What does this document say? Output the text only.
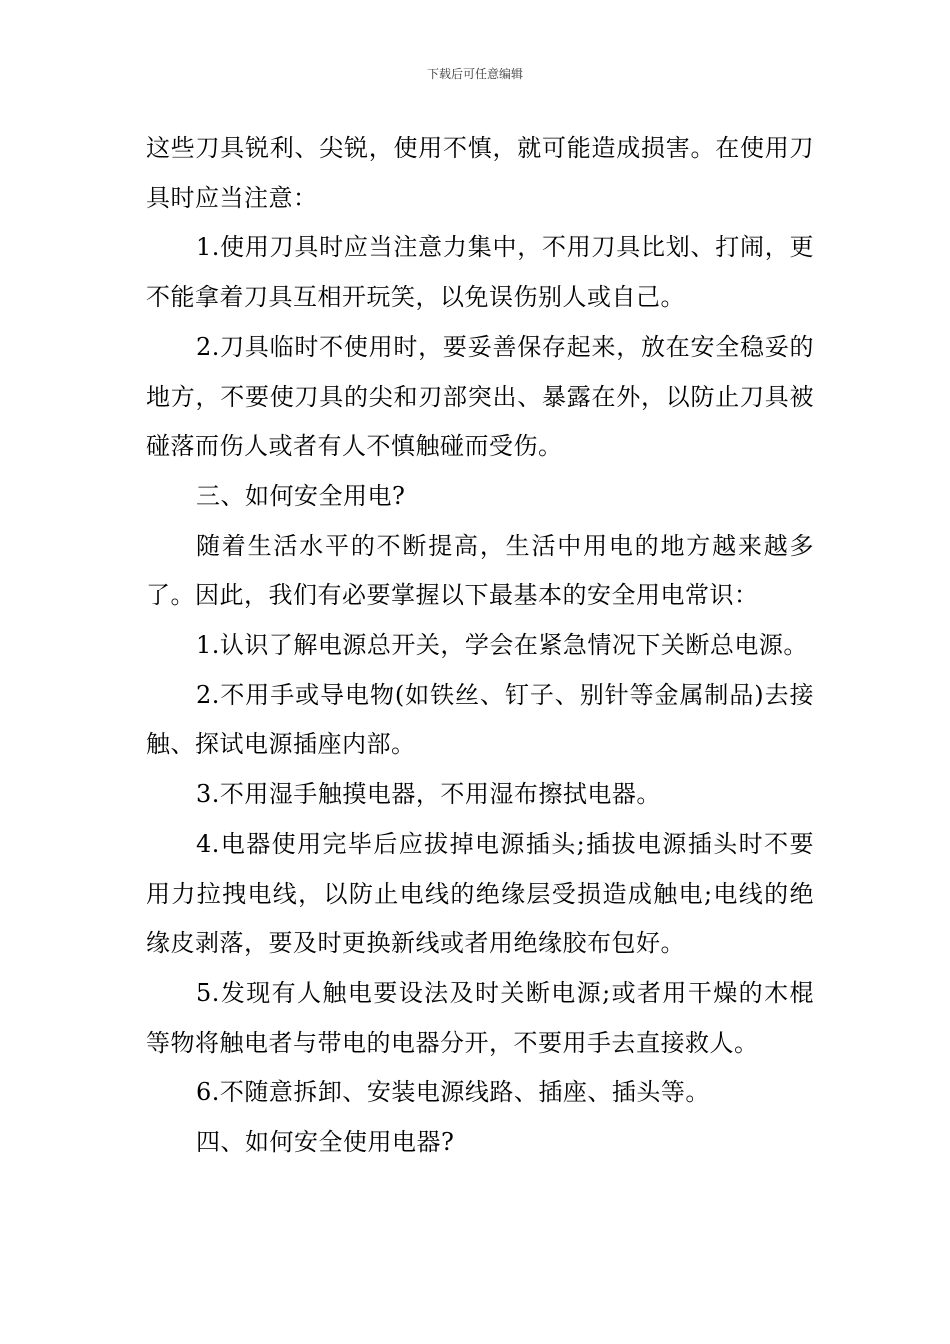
下载后可任意编辑

这些刀具锐利、尖锐，使用不慎，就可能造成损害。在使用刀具时应当注意：

1.使用刀具时应当注意力集中，不用刀具比划、打闹，更不能拿着刀具互相开玩笑，以免误伤别人或自己。

2.刀具临时不使用时，要妥善保存起来，放在安全稳妥的地方，不要使刀具的尖和刃部突出、暴露在外，以防止刀具被碰落而伤人或者有人不慎触碰而受伤。

三、如何安全用电?

随着生活水平的不断提高，生活中用电的地方越来越多了。因此，我们有必要掌握以下最基本的安全用电常识：

1.认识了解电源总开关，学会在紧急情况下关断总电源。

2.不用手或导电物(如铁丝、钉子、别针等金属制品)去接触、探试电源插座内部。

3.不用湿手触摸电器，不用湿布擦拭电器。

4.电器使用完毕后应拔掉电源插头;插拔电源插头时不要用力拉拽电线，以防止电线的绝缘层受损造成触电;电线的绝缘皮剥落，要及时更换新线或者用绝缘胶布包好。

5.发现有人触电要设法及时关断电源;或者用干燥的木棍等物将触电者与带电的电器分开，不要用手去直接救人。

6.不随意拆卸、安装电源线路、插座、插头等。

四、如何安全使用电器?
